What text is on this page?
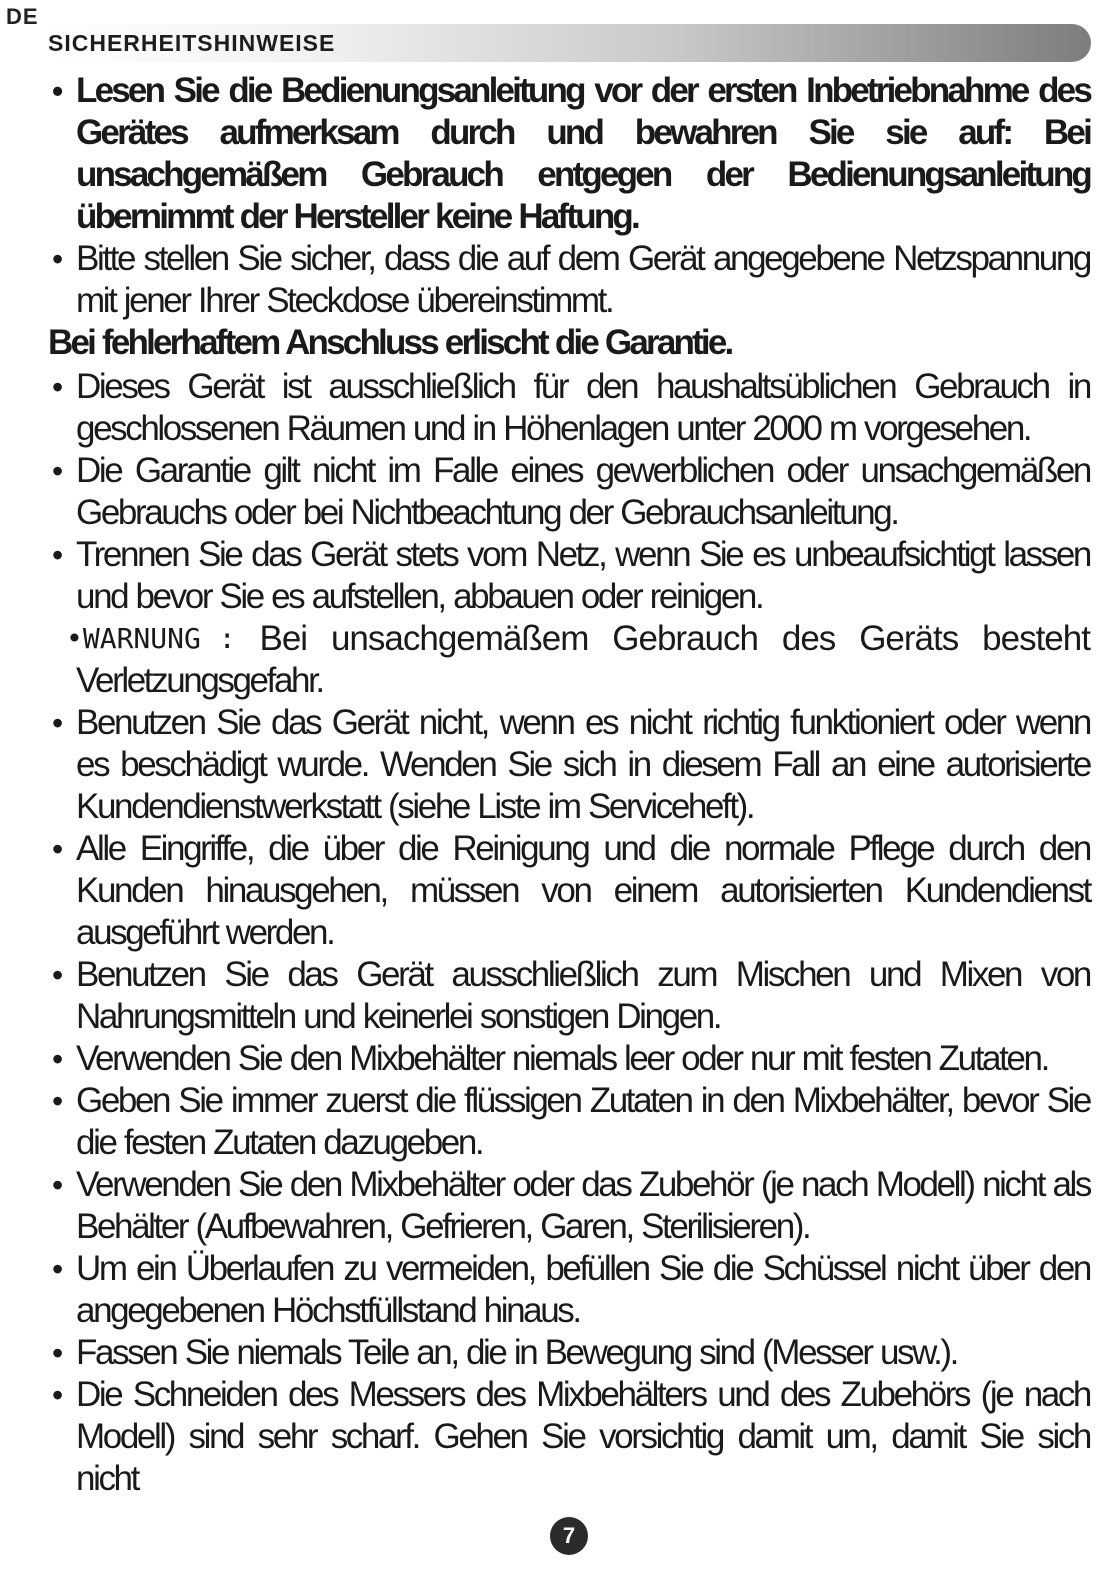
DE
SICHERHEITSHINWEISE
• Lesen Sie die Bedienungsanleitung vor der ersten Inbetriebnahme des Gerätes aufmerksam durch und bewahren Sie sie auf: Bei unsachgemäßem Gebrauch entgegen der Bedienungsanleitung übernimmt der Hersteller keine Haftung.
• Bitte stellen Sie sicher, dass die auf dem Gerät angegebene Netzspannung mit jener Ihrer Steckdose übereinstimmt.
Bei fehlerhaftem Anschluss erlischt die Garantie.
• Dieses Gerät ist ausschließlich für den haushaltsüblichen Gebrauch in geschlossenen Räumen und in Höhenlagen unter 2000 m vorgesehen.
• Die Garantie gilt nicht im Falle eines gewerblichen oder unsachgemäßen Gebrauchs oder bei Nichtbeachtung der Gebrauchsanleitung.
• Trennen Sie das Gerät stets vom Netz, wenn Sie es unbeaufsichtigt lassen und bevor Sie es aufstellen, abbauen oder reinigen.
•WARNUNG : Bei unsachgemäßem Gebrauch des Geräts besteht
Verletzungsgefahr.
• Benutzen Sie das Gerät nicht, wenn es nicht richtig funktioniert oder wenn es beschädigt wurde. Wenden Sie sich in diesem Fall an eine autorisierte Kundendienstwerkstatt (siehe Liste im Serviceheft).
• Alle Eingriffe, die über die Reinigung und die normale Pflege durch den Kunden hinausgehen, müssen von einem autorisierten Kundendienst ausgeführt werden.
• Benutzen Sie das Gerät ausschließlich zum Mischen und Mixen von Nahrungsmitteln und keinerlei sonstigen Dingen.
• Verwenden Sie den Mixbehälter niemals leer oder nur mit festen Zutaten.
• Geben Sie immer zuerst die flüssigen Zutaten in den Mixbehälter, bevor Sie die festen Zutaten dazugeben.
• Verwenden Sie den Mixbehälter oder das Zubehör (je nach Modell) nicht als Behälter (Aufbewahren, Gefrieren, Garen, Sterilisieren).
• Um ein Überlaufen zu vermeiden, befüllen Sie die Schüssel nicht über den angegebenen Höchstfüllstand hinaus.
• Fassen Sie niemals Teile an, die in Bewegung sind (Messer usw.).
• Die Schneiden des Messers des Mixbehälters und des Zubehörs (je nach Modell) sind sehr scharf. Gehen Sie vorsichtig damit um, damit Sie sich nicht
7
